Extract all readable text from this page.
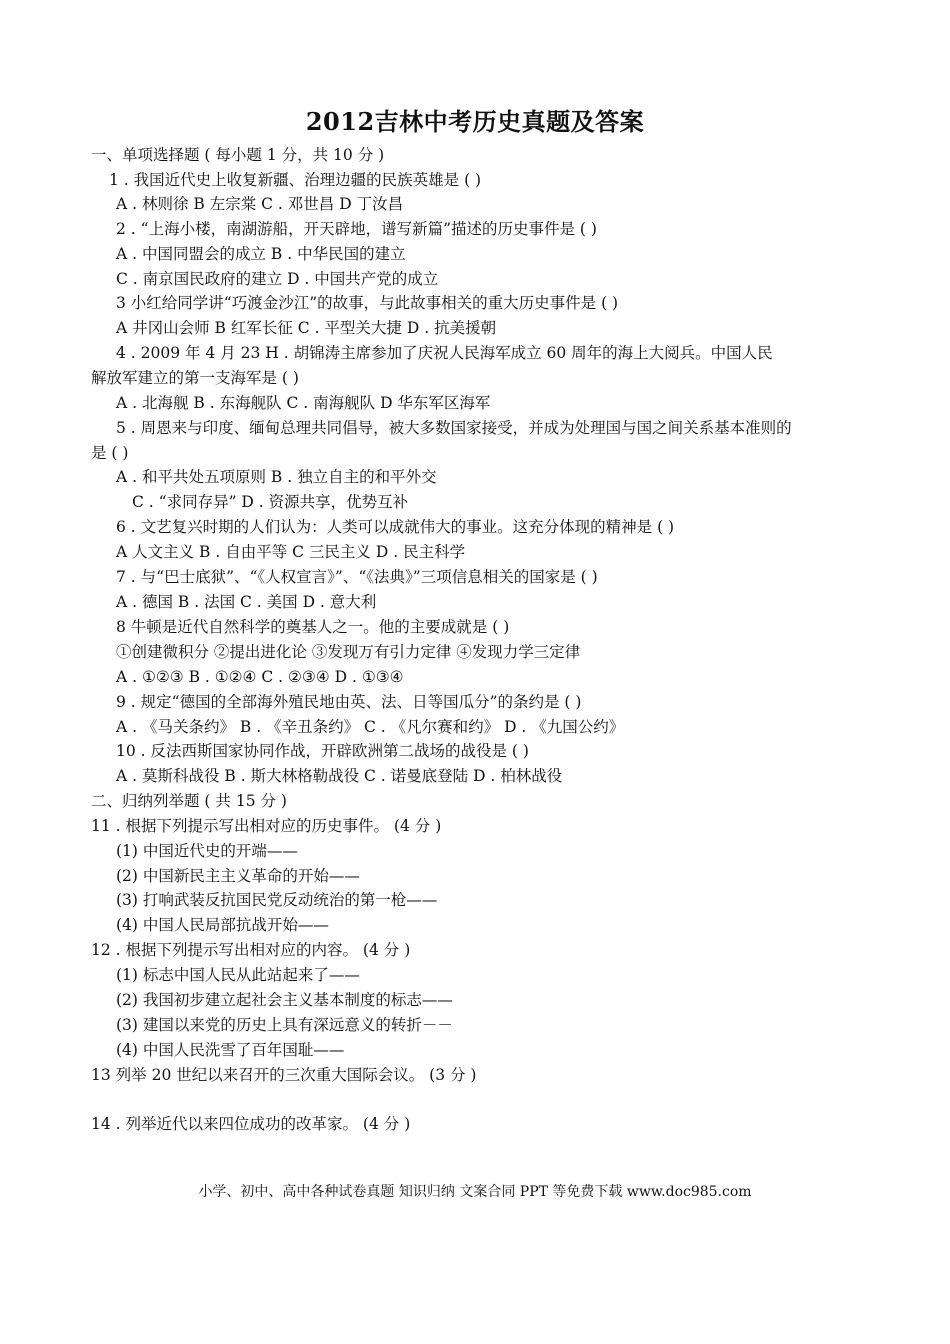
2012吉林中考历史真题及答案
一、单项选择题 ( 每小题 1 分，共 10 分 )
1 . 我国近代史上收复新疆、治理边疆的民族英雄是 ( )
A . 林则徐 B 左宗棠 C . 邓世昌 D 丁汝昌
2 . “上海小楼，南湖游船，开天辟地，谱写新篇”描述的历史事件是 ( )
A . 中国同盟会的成立 B . 中华民国的建立
C . 南京国民政府的建立 D . 中国共产党的成立
3 小红给同学讲“巧渡金沙江”的故事，与此故事相关的重大历史事件是 ( )
A 井冈山会师 B 红军长征 C . 平型关大捷 D . 抗美援朝
4 . 2009 年 4 月 23 H . 胡锦涛主席参加了庆祝人民海军成立 60 周年的海上大阅兵。中国人民
解放军建立的第一支海军是 ( )
A . 北海舰 B . 东海舰队 C . 南海舰队 D 华东军区海军
5 . 周恩来与印度、缅甸总理共同倡导，被大多数国家接受，并成为处理国与国之间关系基本准则的
是 ( )
A . 和平共处五项原则 B . 独立自主的和平外交
C . “求同存异” D . 资源共享，优势互补
6 . 文艺复兴时期的人们认为：人类可以成就伟大的事业。这充分体现的精神是 ( )
A 人文主义 B . 自由平等 C 三民主义 D . 民主科学
7 . 与“巴士底狱”、“《人权宣言》”、“《法典》”三项信息相关的国家是 ( )
A . 德国 B . 法国 C . 美国 D . 意大利
8 牛顿是近代自然科学的奠基人之一。他的主要成就是 ( )
①创建微积分 ②提出进化论 ③发现万有引力定律 ④发现力学三定律
A . ①②③ B . ①②④ C . ②③④ D . ①③④
9 . 规定“德国的全部海外殖民地由英、法、日等国瓜分”的条约是 ( )
A . 《马关条约》 B . 《辛丑条约》 C . 《凡尔赛和约》 D . 《九国公约》
10 . 反法西斯国家协同作战，开辟欧洲第二战场的战役是 ( )
A . 莫斯科战役 B . 斯大林格勒战役 C . 诺曼底登陆 D . 柏林战役
二、归纳列举题 ( 共 15 分 )
11 . 根据下列提示写出相对应的历史事件。 (4 分 )
(1) 中国近代史的开端——
(2) 中国新民主主义革命的开始——
(3) 打响武装反抗国民党反动统治的第一枪——
(4) 中国人民局部抗战开始——
12 . 根据下列提示写出相对应的内容。 (4 分 )
(1) 标志中国人民从此站起来了——
(2) 我国初步建立起社会主义基本制度的标志——
(3) 建国以来党的历史上具有深远意义的转折－－
(4) 中国人民洗雪了百年国耻——
13 列举 20 世纪以来召开的三次重大国际会议。 (3 分 )
14 . 列举近代以来四位成功的改革家。 (4 分 )
小学、初中、高中各种试卷真题 知识归纳 文案合同 PPT 等免费下载 www.doc985.com
